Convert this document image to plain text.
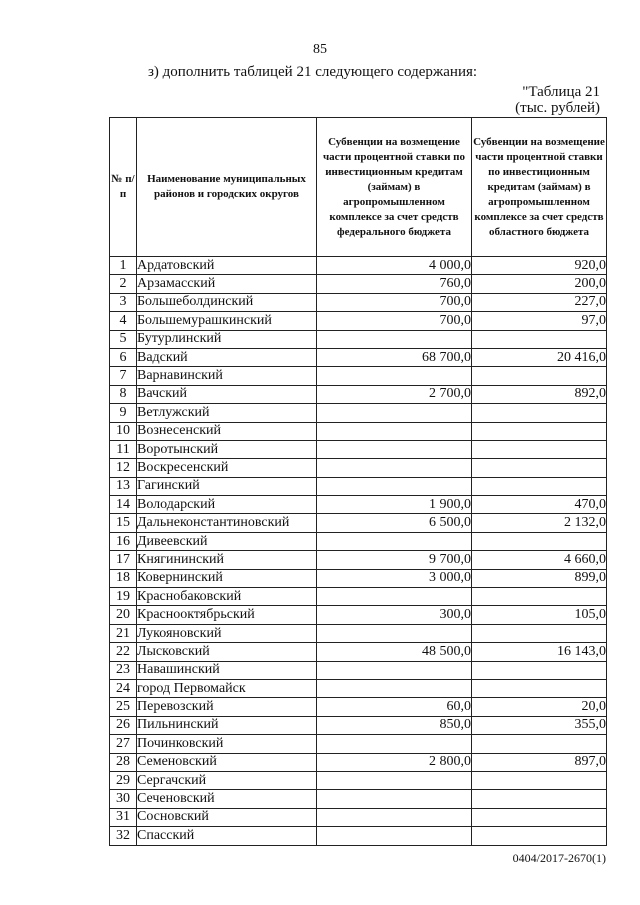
85
з) дополнить таблицей 21 следующего содержания:
"Таблица 21
(тыс. рублей)
№ п/п	Наименование муниципальных районов и городских округов	Субвенции на возмещение части процентной ставки по инвестиционным кредитам (займам) в агропромышленном комплексе за счет средств федерального бюджета	Субвенции на возмещение части процентной ставки по инвестиционным кредитам (займам) в агропромышленном комплексе за счет средств областного бюджета
1	Ардатовский	4 000,0	920,0
2	Арзамасский	760,0	200,0
3	Большеболдинский	700,0	227,0
4	Большемурашкинский	700,0	97,0
5	Бутурлинский		
6	Вадский	68 700,0	20 416,0
7	Варнавинский		
8	Вачский	2 700,0	892,0
9	Ветлужский		
10	Вознесенский		
11	Воротынский		
12	Воскресенский		
13	Гагинский		
14	Володарский	1 900,0	470,0
15	Дальнеконстантиновский	6 500,0	2 132,0
16	Дивеевский		
17	Княгининский	9 700,0	4 660,0
18	Ковернинский	3 000,0	899,0
19	Краснобаковский		
20	Краснооктябрьский	300,0	105,0
21	Лукояновский		
22	Лысковский	48 500,0	16 143,0
23	Навашинский		
24	город Первомайск		
25	Перевозский	60,0	20,0
26	Пильнинский	850,0	355,0
27	Починковский		
28	Семеновский	2 800,0	897,0
29	Сергачский		
30	Сеченовский		
31	Сосновский		
32	Спасский		
0404/2017-2670(1)
